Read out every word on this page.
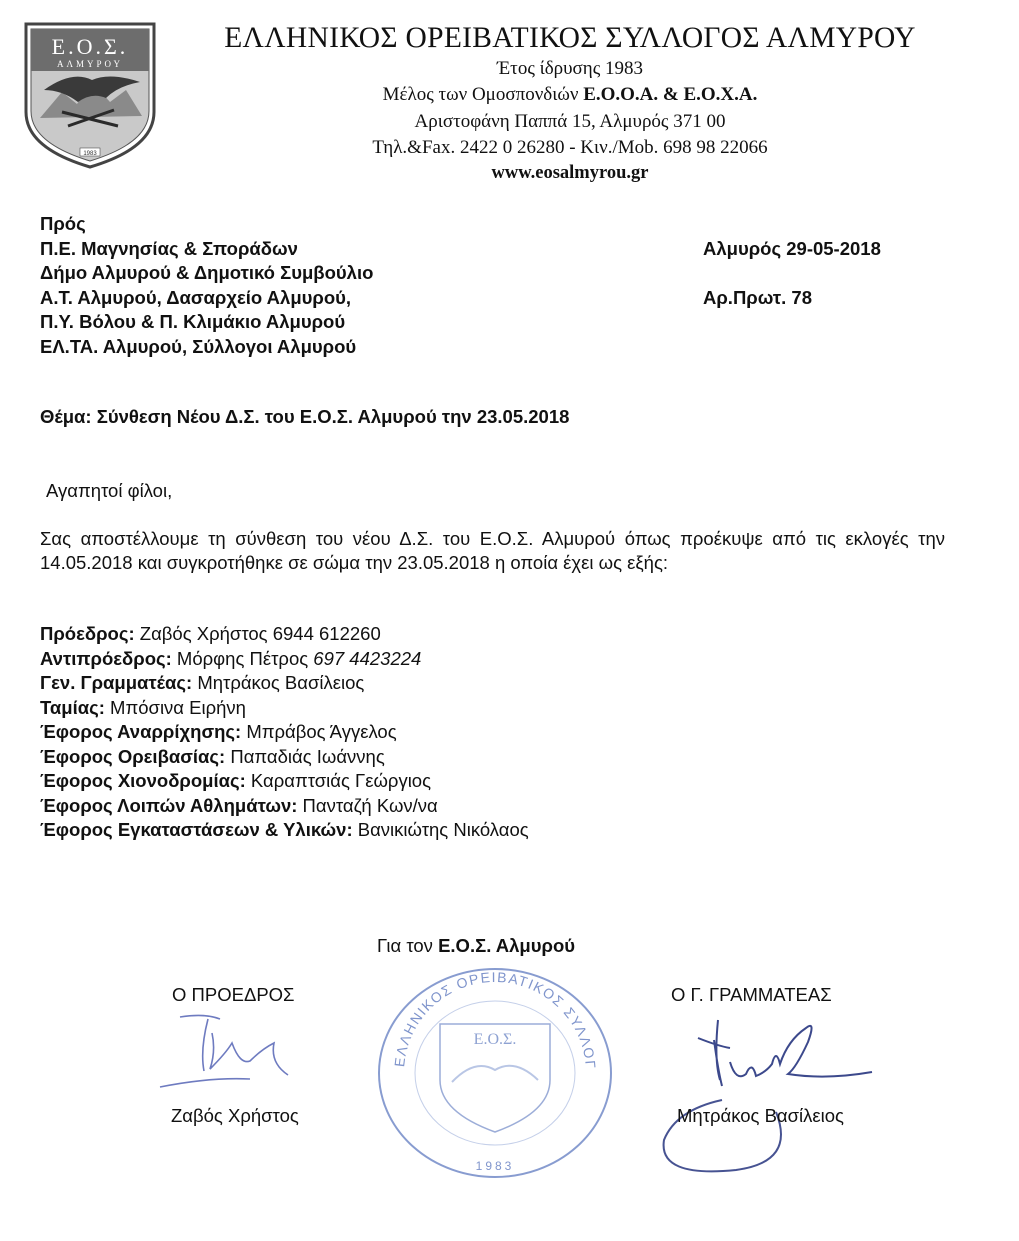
Ε.Ο.Σ.
ΑΛΜΥΡΟΥ
1983
ΕΛΛΗΝΙΚΟΣ ΟΡΕΙΒΑΤΙΚΟΣ ΣΥΛΛΟΓΟΣ ΑΛΜΥΡΟΥ
Έτος ίδρυσης 1983
Μέλος των Ομοσπονδιών Ε.Ο.Ο.Α. & Ε.Ο.Χ.Α.
Αριστοφάνη Παππά 15, Αλμυρός 371 00
Τηλ.&Fax. 2422 0 26280 - Κιν./Mob. 698 98 22066
www.eosalmyrou.gr
Πρός
Π.Ε. Μαγνησίας & Σποράδων
Δήμο Αλμυρού & Δημοτικό Συμβούλιο
Α.Τ. Αλμυρού, Δασαρχείο Αλμυρού,
Π.Υ. Βόλου & Π. Κλιμάκιο Αλμυρού
ΕΛ.ΤΑ. Αλμυρού, Σύλλογοι Αλμυρού
Αλμυρός 29-05-2018
Αρ.Πρωτ. 78
Θέμα: Σύνθεση Νέου Δ.Σ. του Ε.Ο.Σ. Αλμυρού την 23.05.2018
Αγαπητοί φίλοι,
Σας αποστέλλουμε τη σύνθεση του νέου Δ.Σ. του Ε.Ο.Σ. Αλμυρού όπως προέκυψε από τις εκλογές την 14.05.2018 και συγκροτήθηκε σε σώμα την 23.05.2018 η οποία έχει ως εξής:
Πρόεδρος: Ζαβός Χρήστος 6944 612260
Αντιπρόεδρος: Μόρφης Πέτρος 697 4423224
Γεν. Γραμματέας: Μητράκος Βασίλειος
Ταμίας: Μπόσινα Ειρήνη
Έφορος Αναρρίχησης: Μπράβος Άγγελος
Έφορος Ορειβασίας: Παπαδιάς Ιωάννης
Έφορος Χιονοδρομίας: Καραπτσιάς Γεώργιος
Έφορος Λοιπών Αθλημάτων: Πανταζή Κων/να
Έφορος Εγκαταστάσεων & Υλικών: Βανικιώτης Νικόλαος
Για τον Ε.Ο.Σ. Αλμυρού
ΕΛΛΗΝΙΚΟΣ ΟΡΕΙΒΑΤΙΚΟΣ ΣΥΛΛΟΓ
Ε.Ο.Σ.
1983
Ο ΠΡΟΕΔΡΟΣ	Ο Γ. ΓΡΑΜΜΑΤΕΑΣ
Ζαβός Χρήστος	Μητράκος Βασίλειος
